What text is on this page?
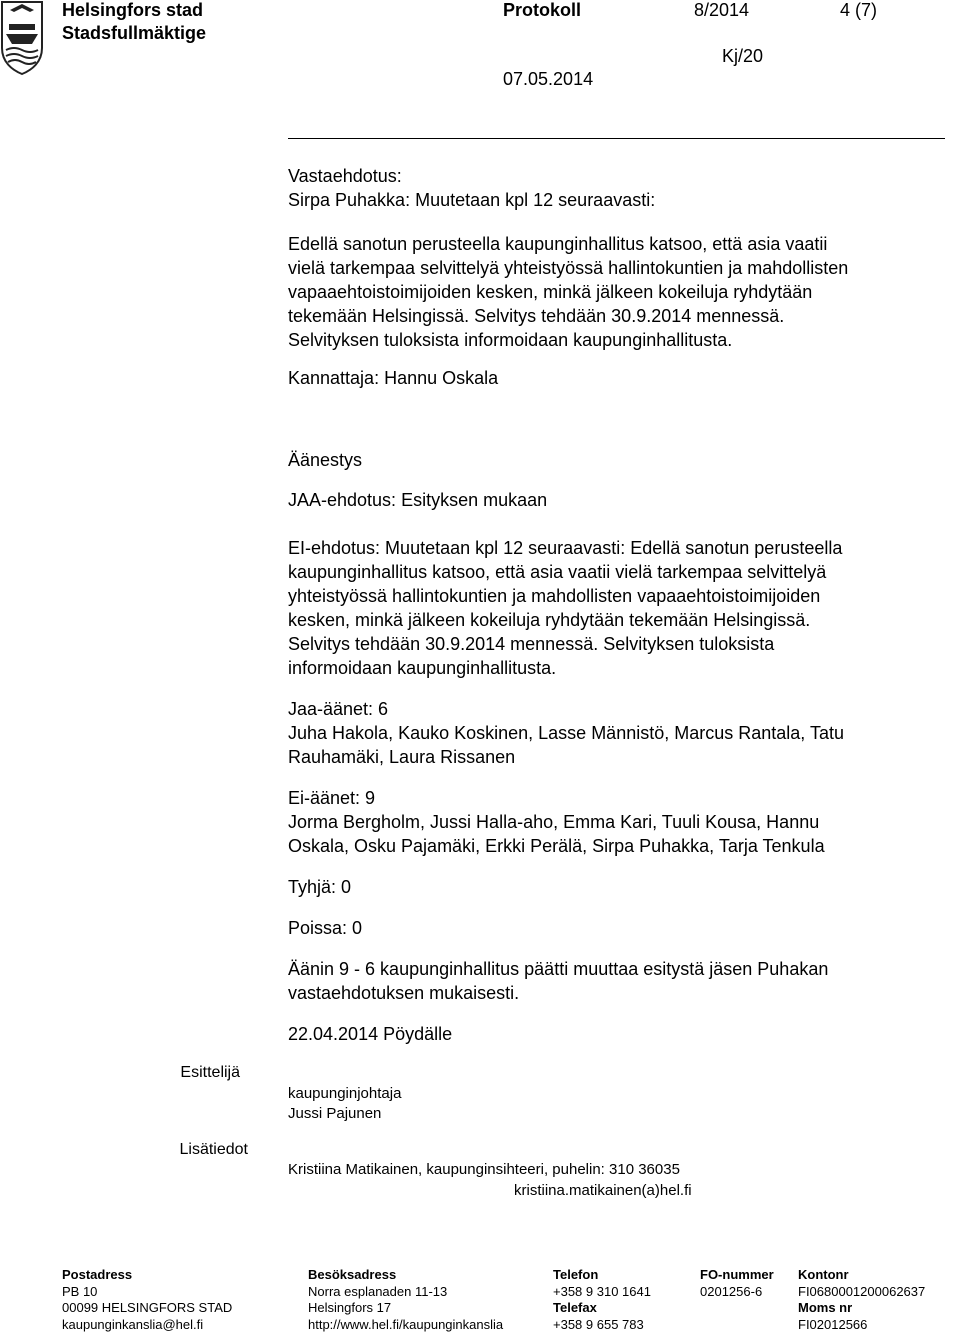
Helsingfors stad
Stadsfullmäktige
Protokoll	8/2014	4 (7)
07.05.2014
Kj/20

Vastaehdotus:

Sirpa Puhakka: Muutetaan kpl 12 seuraavasti:

Edellä sanotun perusteella kaupunginhallitus katsoo, että asia vaatii
vielä tarkempaa selvittelyä yhteistyössä hallintokuntien ja mahdollisten
vapaaehtoistoimijoiden kesken, minkä jälkeen kokeiluja ryhdytään
tekemään Helsingissä. Selvitys tehdään 30.9.2014 mennessä.
Selvityksen tuloksista informoidaan kaupunginhallitusta.
Kannattaja: Hannu Oskala
Äänestys
JAA-ehdotus: Esityksen mukaan
EI-ehdotus: Muutetaan kpl 12 seuraavasti: Edellä sanotun perusteella
kaupunginhallitus katsoo, että asia vaatii vielä tarkempaa selvittelyä
yhteistyössä hallintokuntien ja mahdollisten vapaaehtoistoimijoiden
kesken, minkä jälkeen kokeiluja ryhdytään tekemään Helsingissä.
Selvitys tehdään 30.9.2014 mennessä. Selvityksen tuloksista
informoidaan kaupunginhallitusta.
Jaa-äänet: 6
Juha Hakola, Kauko Koskinen, Lasse Männistö, Marcus Rantala, Tatu
Rauhamäki, Laura Rissanen
Ei-äänet: 9
Jorma Bergholm, Jussi Halla-aho, Emma Kari, Tuuli Kousa, Hannu
Oskala, Osku Pajamäki, Erkki Perälä, Sirpa Puhakka, Tarja Tenkula
Tyhjä: 0
Poissa: 0
Äänin 9 - 6 kaupunginhallitus päätti muuttaa esitystä jäsen Puhakan
vastaehdotuksen mukaisesti.
22.04.2014 Pöydälle
Esittelijä
kaupunginjohtaja
Jussi Pajunen
Lisätiedot
Kristiina Matikainen, kaupunginsihteeri, puhelin: 310 36035
kristiina.matikainen(a)hel.fi
Postadress
PB 10
00099 HELSINGFORS STAD
kaupunginkanslia@hel.fi
Besöksadress
Norra esplanaden 11-13
Helsingfors 17
http://www.hel.fi/kaupunginkanslia
Telefon
+358 9 310 1641
Telefax
+358 9 655 783
FO-nummer
0201256-6
Kontonr
FI0680001200062637
Moms nr
FI02012566
